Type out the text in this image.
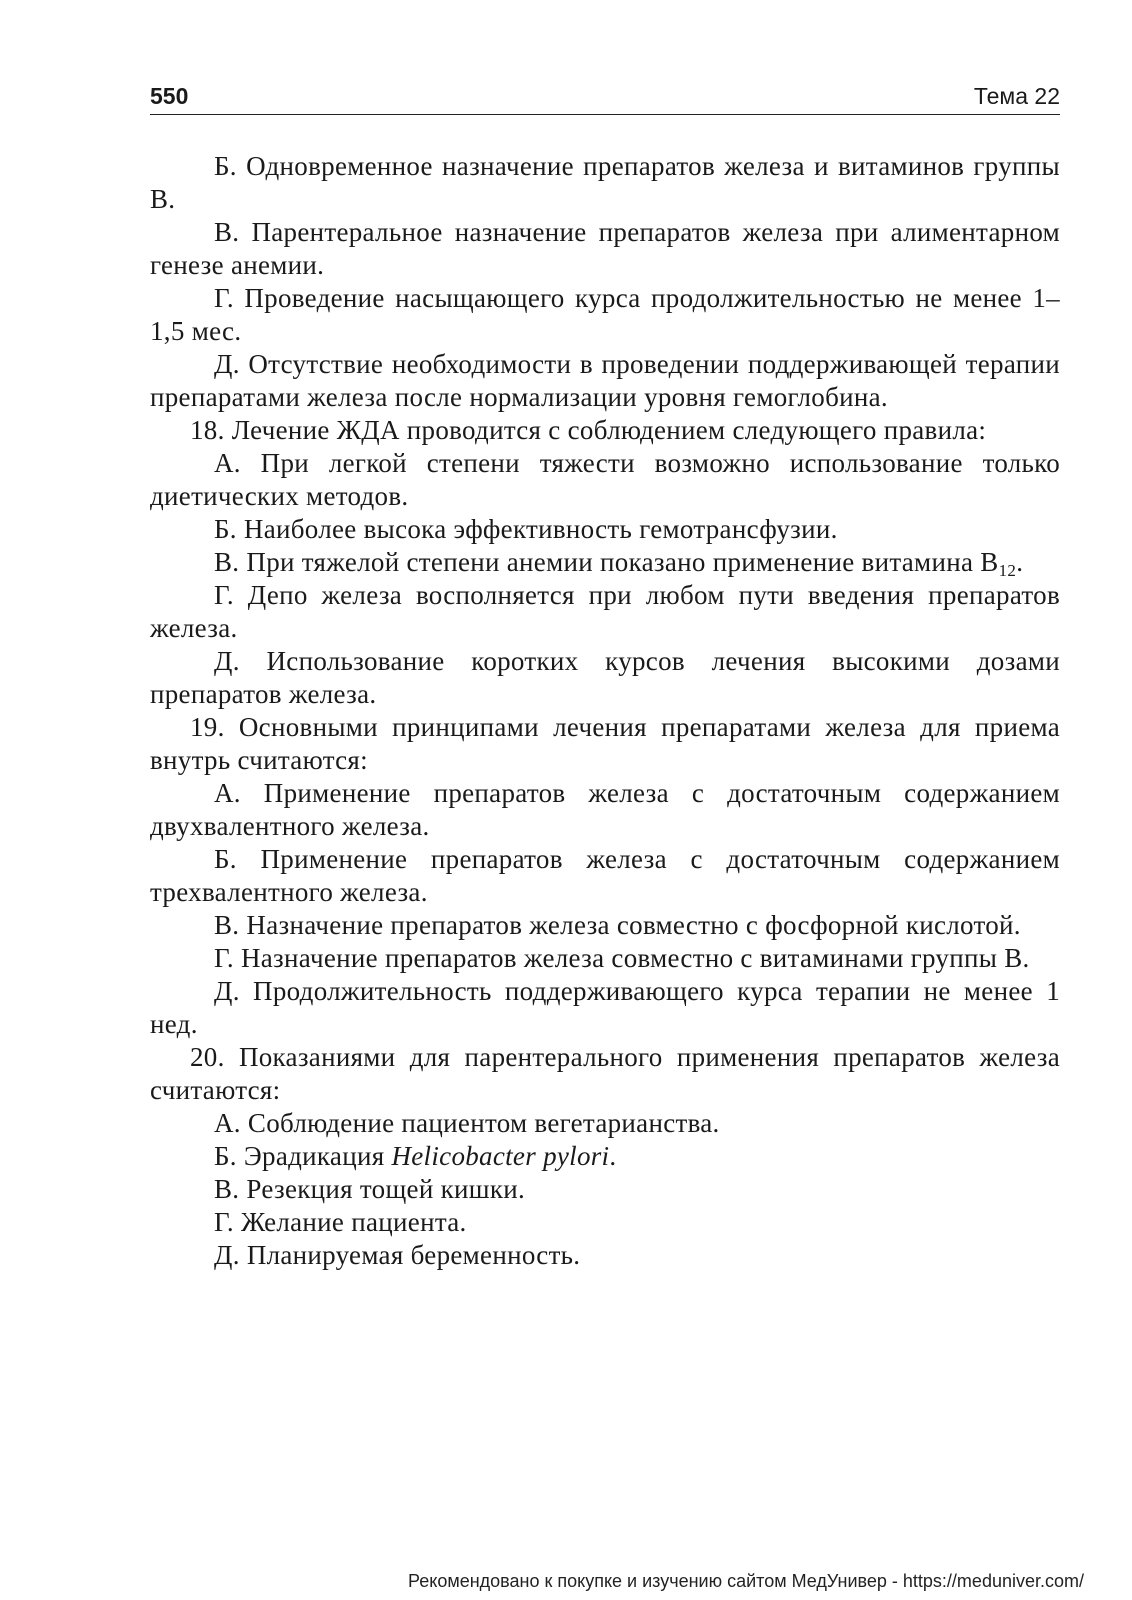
550	Тема 22

Б. Одновременное назначение препаратов железа и витаминов группы В.

В. Парентеральное назначение препаратов железа при алиментарном генезе анемии.

Г. Проведение насыщающего курса продолжительностью не менее 1–1,5 мес.

Д. Отсутствие необходимости в проведении поддерживающей терапии препаратами железа после нормализации уровня гемоглобина.

18. Лечение ЖДА проводится с соблюдением следующего правила:

А. При легкой степени тяжести возможно использование только диетических методов.

Б. Наиболее высока эффективность гемотрансфузии.

В. При тяжелой степени анемии показано применение витамина $B_{12}$.

Г. Депо железа восполняется при любом пути введения препаратов железа.

Д. Использование коротких курсов лечения высокими дозами препаратов железа.

19. Основными принципами лечения препаратами железа для приема внутрь считаются:

А. Применение препаратов железа с достаточным содержанием двухвалентного железа.

Б. Применение препаратов железа с достаточным содержанием трехвалентного железа.

В. Назначение препаратов железа совместно с фосфорной кислотой.

Г. Назначение препаратов железа совместно с витаминами группы В.

Д. Продолжительность поддерживающего курса терапии не менее 1 нед.

20. Показаниями для парентерального применения препаратов железа считаются:

А. Соблюдение пациентом вегетарианства.

Б. Эрадикация Helicobacter pylori.

В. Резекция тощей кишки.

Г. Желание пациента.

Д. Планируемая беременность.

Рекомендовано к покупке и изучению сайтом МедУнивер - https://meduniver.com/
